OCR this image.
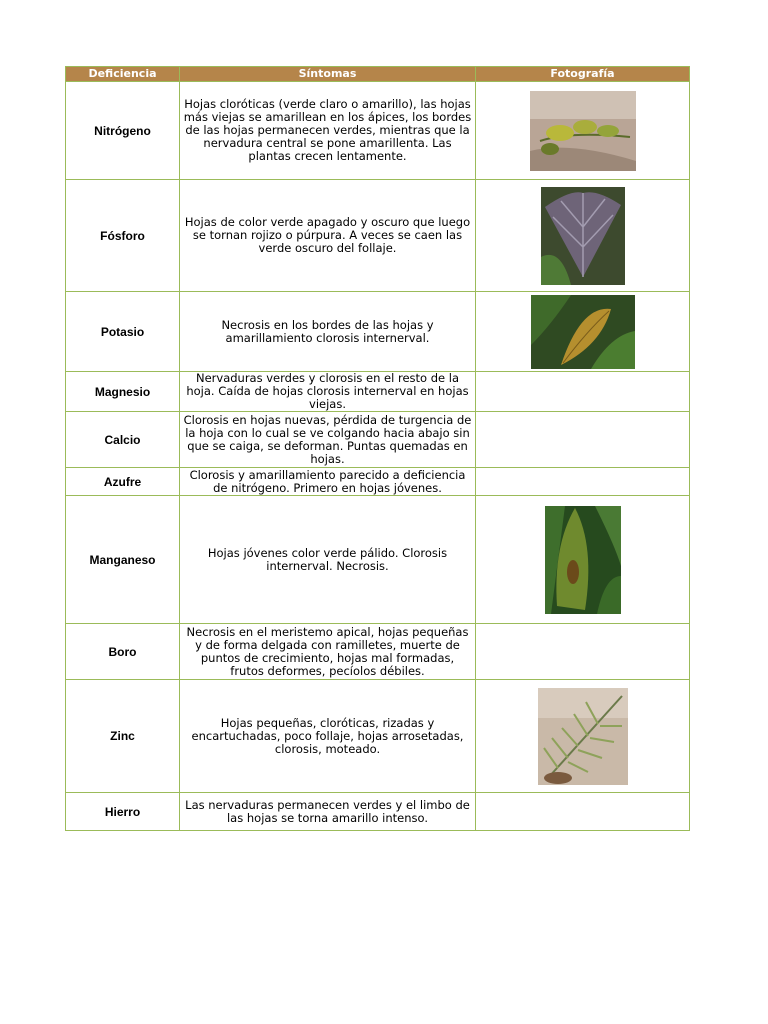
Deficiencia	Síntomas	Fotografía
Nitrógeno	Hojas cloróticas (verde claro o amarillo), las hojas más viejas se amarillean en los ápices, los bordes de las hojas permanecen verdes, mientras que la nervadura central se pone amarillenta. Las plantas crecen lentamente.	

Fósforo	Hojas de color verde apagado y oscuro que luego se tornan rojizo o púrpura. A veces se caen las verde oscuro del follaje.	

Potasio	Necrosis en los bordes de las hojas y amarillamiento clorosis internerval.	

Magnesio	Nervaduras verdes y clorosis en el resto de la hoja. Caída de hojas clorosis internerval en hojas viejas.	
Calcio	Clorosis en hojas nuevas, pérdida de turgencia de la hoja con lo cual se ve colgando hacia abajo sin que se caiga, se deforman. Puntas quemadas en hojas.	
Azufre	Clorosis y amarillamiento parecido a deficiencia de nitrógeno. Primero en hojas jóvenes.	
Manganeso	Hojas jóvenes color verde pálido. Clorosis internerval. Necrosis.	

Boro	Necrosis en el meristemo apical, hojas pequeñas y de forma delgada con ramilletes, muerte de puntos de crecimiento, hojas mal formadas, frutos deformes, pecíolos débiles.	
Zinc	Hojas pequeñas, cloróticas, rizadas y encartuchadas, poco follaje, hojas arrosetadas, clorosis, moteado.	

Hierro	Las nervaduras permanecen verdes y el limbo de las hojas se torna amarillo intenso.	
